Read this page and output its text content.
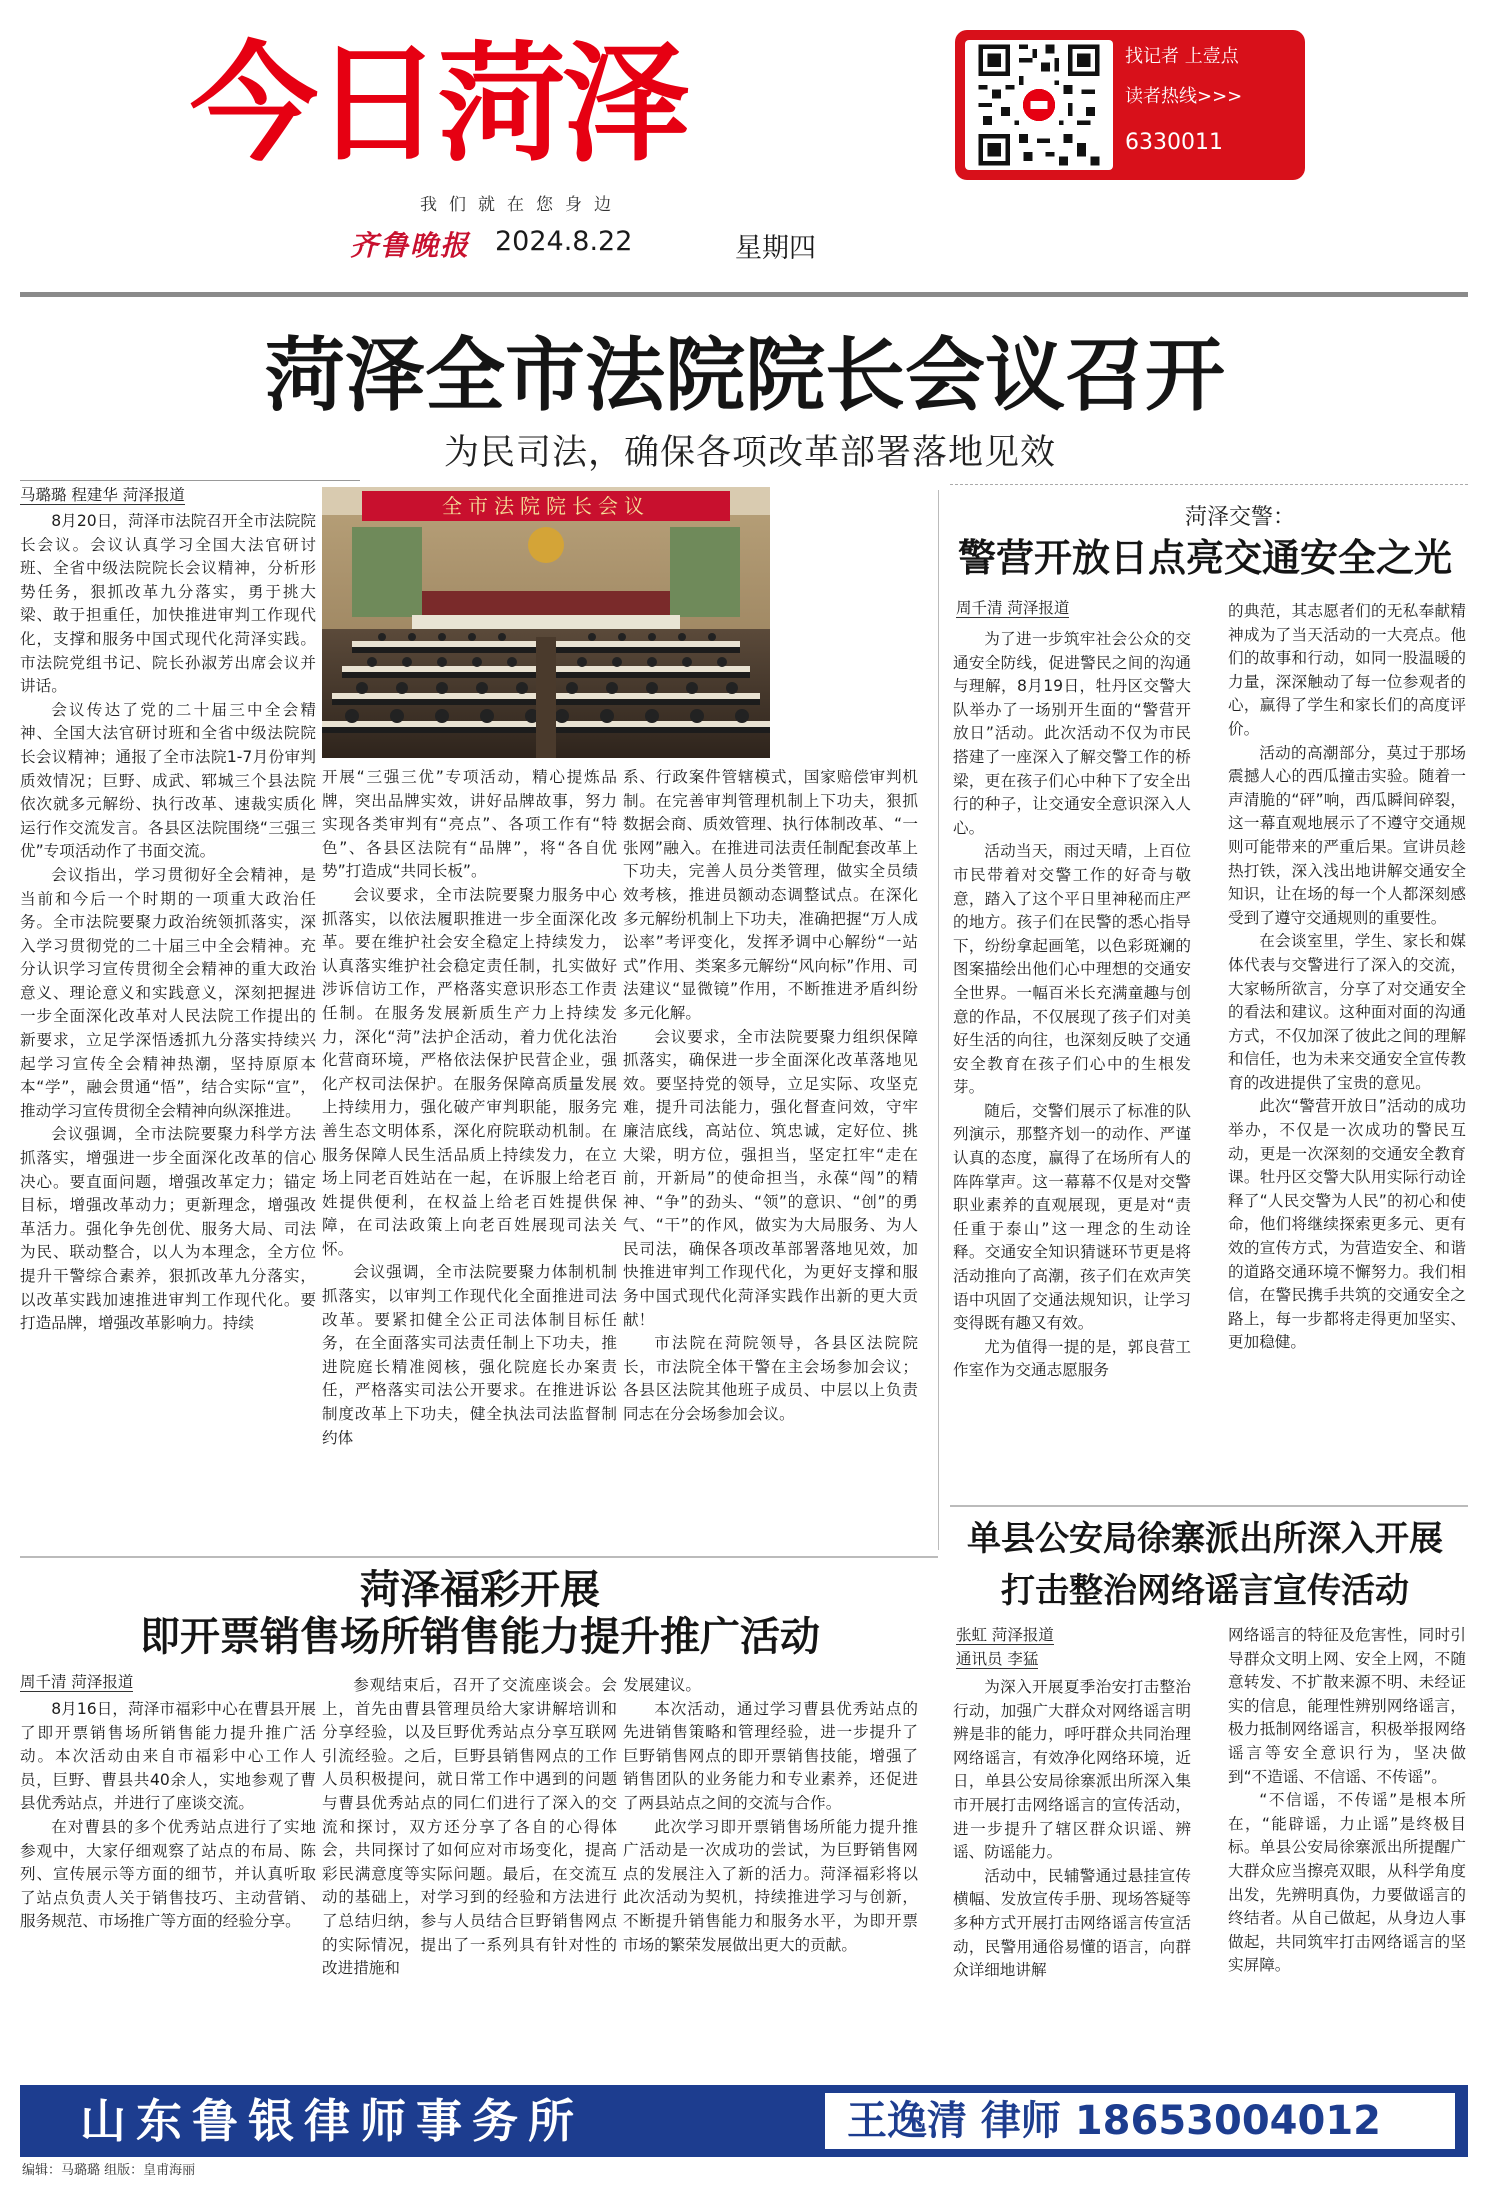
今日菏泽	找记者 上壹点
读者热线>>>
6330011
我们就在您身边
齐鲁晚报 2024.8.22	星期四
菏泽全市法院院长会议召开
为民司法，确保各项改革部署落地见效
马璐璐 程建华 菏泽报道	全市法院院长会议

8月20日，菏泽市法院召开全市法院院长会议。会议认真学习全国大法官研讨班、全省中级法院院长会议精神，分析形势任务，狠抓改革九分落实，勇于挑大梁、敢于担重任，加快推进审判工作现代化，支撑和服务中国式现代化菏泽实践。市法院党组书记、院长孙淑芳出席会议并讲话。

会议传达了党的二十届三中全会精神、全国大法官研讨班和全省中级法院院长会议精神；通报了全市法院1-7月份审判质效情况；巨野、成武、郓城三个县法院依次就多元解纷、执行改革、速裁实质化运行作交流发言。各县区法院围绕“三强三优”专项活动作了书面交流。

会议指出，学习贯彻好全会精神，是当前和今后一个时期的一项重大政治任务。全市法院要聚力政治统领抓落实，深入学习贯彻党的二十届三中全会精神。充分认识学习宣传贯彻全会精神的重大政治意义、理论意义和实践意义，深刻把握进一步全面深化改革对人民法院工作提出的新要求，立足学深悟透抓九分落实持续兴起学习宣传全会精神热潮，坚持原原本本“学”，融会贯通“悟”，结合实际“宣”，推动学习宣传贯彻全会精神向纵深推进。

会议强调，全市法院要聚力科学方法抓落实，增强进一步全面深化改革的信心决心。要直面问题，增强改革定力；锚定目标，增强改革动力；更新理念，增强改革活力。强化争先创优、服务大局、司法为民、联动整合，以人为本理念，全方位提升干警综合素养，狠抓改革九分落实，以改革实践加速推进审判工作现代化。要打造品牌，增强改革影响力。持续

开展“三强三优”专项活动，精心提炼品牌，突出品牌实效，讲好品牌故事，努力实现各类审判有“亮点”、各项工作有“特色”、各县区法院有“品牌”，将“各自优势”打造成“共同长板”。

会议要求，全市法院要聚力服务中心抓落实，以依法履职推进一步全面深化改革。要在维护社会安全稳定上持续发力，认真落实维护社会稳定责任制，扎实做好涉诉信访工作，严格落实意识形态工作责任制。在服务发展新质生产力上持续发力，深化“菏”法护企活动，着力优化法治化营商环境，严格依法保护民营企业，强化产权司法保护。在服务保障高质量发展上持续用力，强化破产审判职能，服务完善生态文明体系，深化府院联动机制。在服务保障人民生活品质上持续发力，在立场上同老百姓站在一起，在诉服上给老百姓提供便利，在权益上给老百姓提供保障，在司法政策上向老百姓展现司法关怀。

会议强调，全市法院要聚力体制机制抓落实，以审判工作现代化全面推进司法改革。要紧扣健全公正司法体制目标任务，在全面落实司法责任制上下功夫，推进院庭长精准阅核，强化院庭长办案责任，严格落实司法公开要求。在推进诉讼制度改革上下功夫，健全执法司法监督制约体

系、行政案件管辖模式，国家赔偿审判机制。在完善审判管理机制上下功夫，狠抓数据会商、质效管理、执行体制改革、“一张网”融入。在推进司法责任制配套改革上下功夫，完善人员分类管理，做实全员绩效考核，推进员额动态调整试点。在深化多元解纷机制上下功夫，准确把握“万人成讼率”考评变化，发挥矛调中心解纷“一站式”作用、类案多元解纷“风向标”作用、司法建议“显微镜”作用，不断推进矛盾纠纷多元化解。

会议要求，全市法院要聚力组织保障抓落实，确保进一步全面深化改革落地见效。要坚持党的领导，立足实际、攻坚克难，提升司法能力，强化督查问效，守牢廉洁底线，高站位、筑忠诚，定好位、挑大梁，明方位，强担当，坚定扛牢“走在前，开新局”的使命担当，永葆“闯”的精神、“争”的劲头、“领”的意识、“创”的勇气、“干”的作风，做实为大局服务、为人民司法，确保各项改革部署落地见效，加快推进审判工作现代化，为更好支撑和服务中国式现代化菏泽实践作出新的更大贡献！

市法院在菏院领导，各县区法院院长，市法院全体干警在主会场参加会议；各县区法院其他班子成员、中层以上负责同志在分会场参加会议。

菏泽交警：
警营开放日点亮交通安全之光
周千清 菏泽报道

为了进一步筑牢社会公众的交通安全防线，促进警民之间的沟通与理解，8月19日，牡丹区交警大队举办了一场别开生面的“警营开放日”活动。此次活动不仅为市民搭建了一座深入了解交警工作的桥梁，更在孩子们心中种下了安全出行的种子，让交通安全意识深入人心。

活动当天，雨过天晴，上百位市民带着对交警工作的好奇与敬意，踏入了这个平日里神秘而庄严的地方。孩子们在民警的悉心指导下，纷纷拿起画笔，以色彩斑斓的图案描绘出他们心中理想的交通安全世界。一幅百米长充满童趣与创意的作品，不仅展现了孩子们对美好生活的向往，也深刻反映了交通安全教育在孩子们心中的生根发芽。

随后，交警们展示了标准的队列演示，那整齐划一的动作、严谨认真的态度，赢得了在场所有人的阵阵掌声。这一幕幕不仅是对交警职业素养的直观展现，更是对“责任重于泰山”这一理念的生动诠释。交通安全知识猜谜环节更是将活动推向了高潮，孩子们在欢声笑语中巩固了交通法规知识，让学习变得既有趣又有效。

尤为值得一提的是，郭良营工作室作为交通志愿服务

的典范，其志愿者们的无私奉献精神成为了当天活动的一大亮点。他们的故事和行动，如同一股温暖的力量，深深触动了每一位参观者的心，赢得了学生和家长们的高度评价。

活动的高潮部分，莫过于那场震撼人心的西瓜撞击实验。随着一声清脆的“砰”响，西瓜瞬间碎裂，这一幕直观地展示了不遵守交通规则可能带来的严重后果。宣讲员趁热打铁，深入浅出地讲解交通安全知识，让在场的每一个人都深刻感受到了遵守交通规则的重要性。

在会谈室里，学生、家长和媒体代表与交警进行了深入的交流，大家畅所欲言，分享了对交通安全的看法和建议。这种面对面的沟通方式，不仅加深了彼此之间的理解和信任，也为未来交通安全宣传教育的改进提供了宝贵的意见。

此次“警营开放日”活动的成功举办，不仅是一次成功的警民互动，更是一次深刻的交通安全教育课。牡丹区交警大队用实际行动诠释了“人民交警为人民”的初心和使命，他们将继续探索更多元、更有效的宣传方式，为营造安全、和谐的道路交通环境不懈努力。我们相信，在警民携手共筑的交通安全之路上，每一步都将走得更加坚实、更加稳健。

菏泽福彩开展
即开票销售场所销售能力提升推广活动
周千清 菏泽报道

8月16日，菏泽市福彩中心在曹县开展了即开票销售场所销售能力提升推广活动。本次活动由来自市福彩中心工作人员，巨野、曹县共40余人，实地参观了曹县优秀站点，并进行了座谈交流。

在对曹县的多个优秀站点进行了实地参观中，大家仔细观察了站点的布局、陈列、宣传展示等方面的细节，并认真听取了站点负责人关于销售技巧、主动营销、服务规范、市场推广等方面的经验分享。

参观结束后，召开了交流座谈会。会上，首先由曹县管理员给大家讲解培训和分享经验，以及巨野优秀站点分享互联网引流经验。之后，巨野县销售网点的工作人员积极提问，就日常工作中遇到的问题与曹县优秀站点的同仁们进行了深入的交流和探讨，双方还分享了各自的心得体会，共同探讨了如何应对市场变化，提高彩民满意度等实际问题。最后，在交流互动的基础上，对学习到的经验和方法进行了总结归纳，参与人员结合巨野销售网点的实际情况，提出了一系列具有针对性的改进措施和

发展建议。

本次活动，通过学习曹县优秀站点的先进销售策略和管理经验，进一步提升了巨野销售网点的即开票销售技能，增强了销售团队的业务能力和专业素养，还促进了两县站点之间的交流与合作。

此次学习即开票销售场所能力提升推广活动是一次成功的尝试，为巨野销售网点的发展注入了新的活力。菏泽福彩将以此次活动为契机，持续推进学习与创新，不断提升销售能力和服务水平，为即开票市场的繁荣发展做出更大的贡献。

单县公安局徐寨派出所深入开展
打击整治网络谣言宣传活动
张虹 菏泽报道
通讯员 李猛

为深入开展夏季治安打击整治行动，加强广大群众对网络谣言明辨是非的能力，呼吁群众共同治理网络谣言，有效净化网络环境，近日，单县公安局徐寨派出所深入集市开展打击网络谣言的宣传活动，进一步提升了辖区群众识谣、辨谣、防谣能力。

活动中，民辅警通过悬挂宣传横幅、发放宣传手册、现场答疑等多种方式开展打击网络谣言传宣活动，民警用通俗易懂的语言，向群众详细地讲解

网络谣言的特征及危害性，同时引导群众文明上网、安全上网，不随意转发、不扩散来源不明、未经证实的信息，能理性辨别网络谣言，极力抵制网络谣言，积极举报网络谣言等安全意识行为，坚决做到“不造谣、不信谣、不传谣”。

“不信谣，不传谣”是根本所在，“能辟谣，力止谣”是终极目标。单县公安局徐寨派出所提醒广大群众应当擦亮双眼，从科学角度出发，先辨明真伪，力要做谣言的终结者。从自己做起，从身边人事做起，共同筑牢打击网络谣言的坚实屏障。

山东鲁银律师事务所	王逸清 律师 18653004012
编辑：马璐璐 组版：皇甫海丽
